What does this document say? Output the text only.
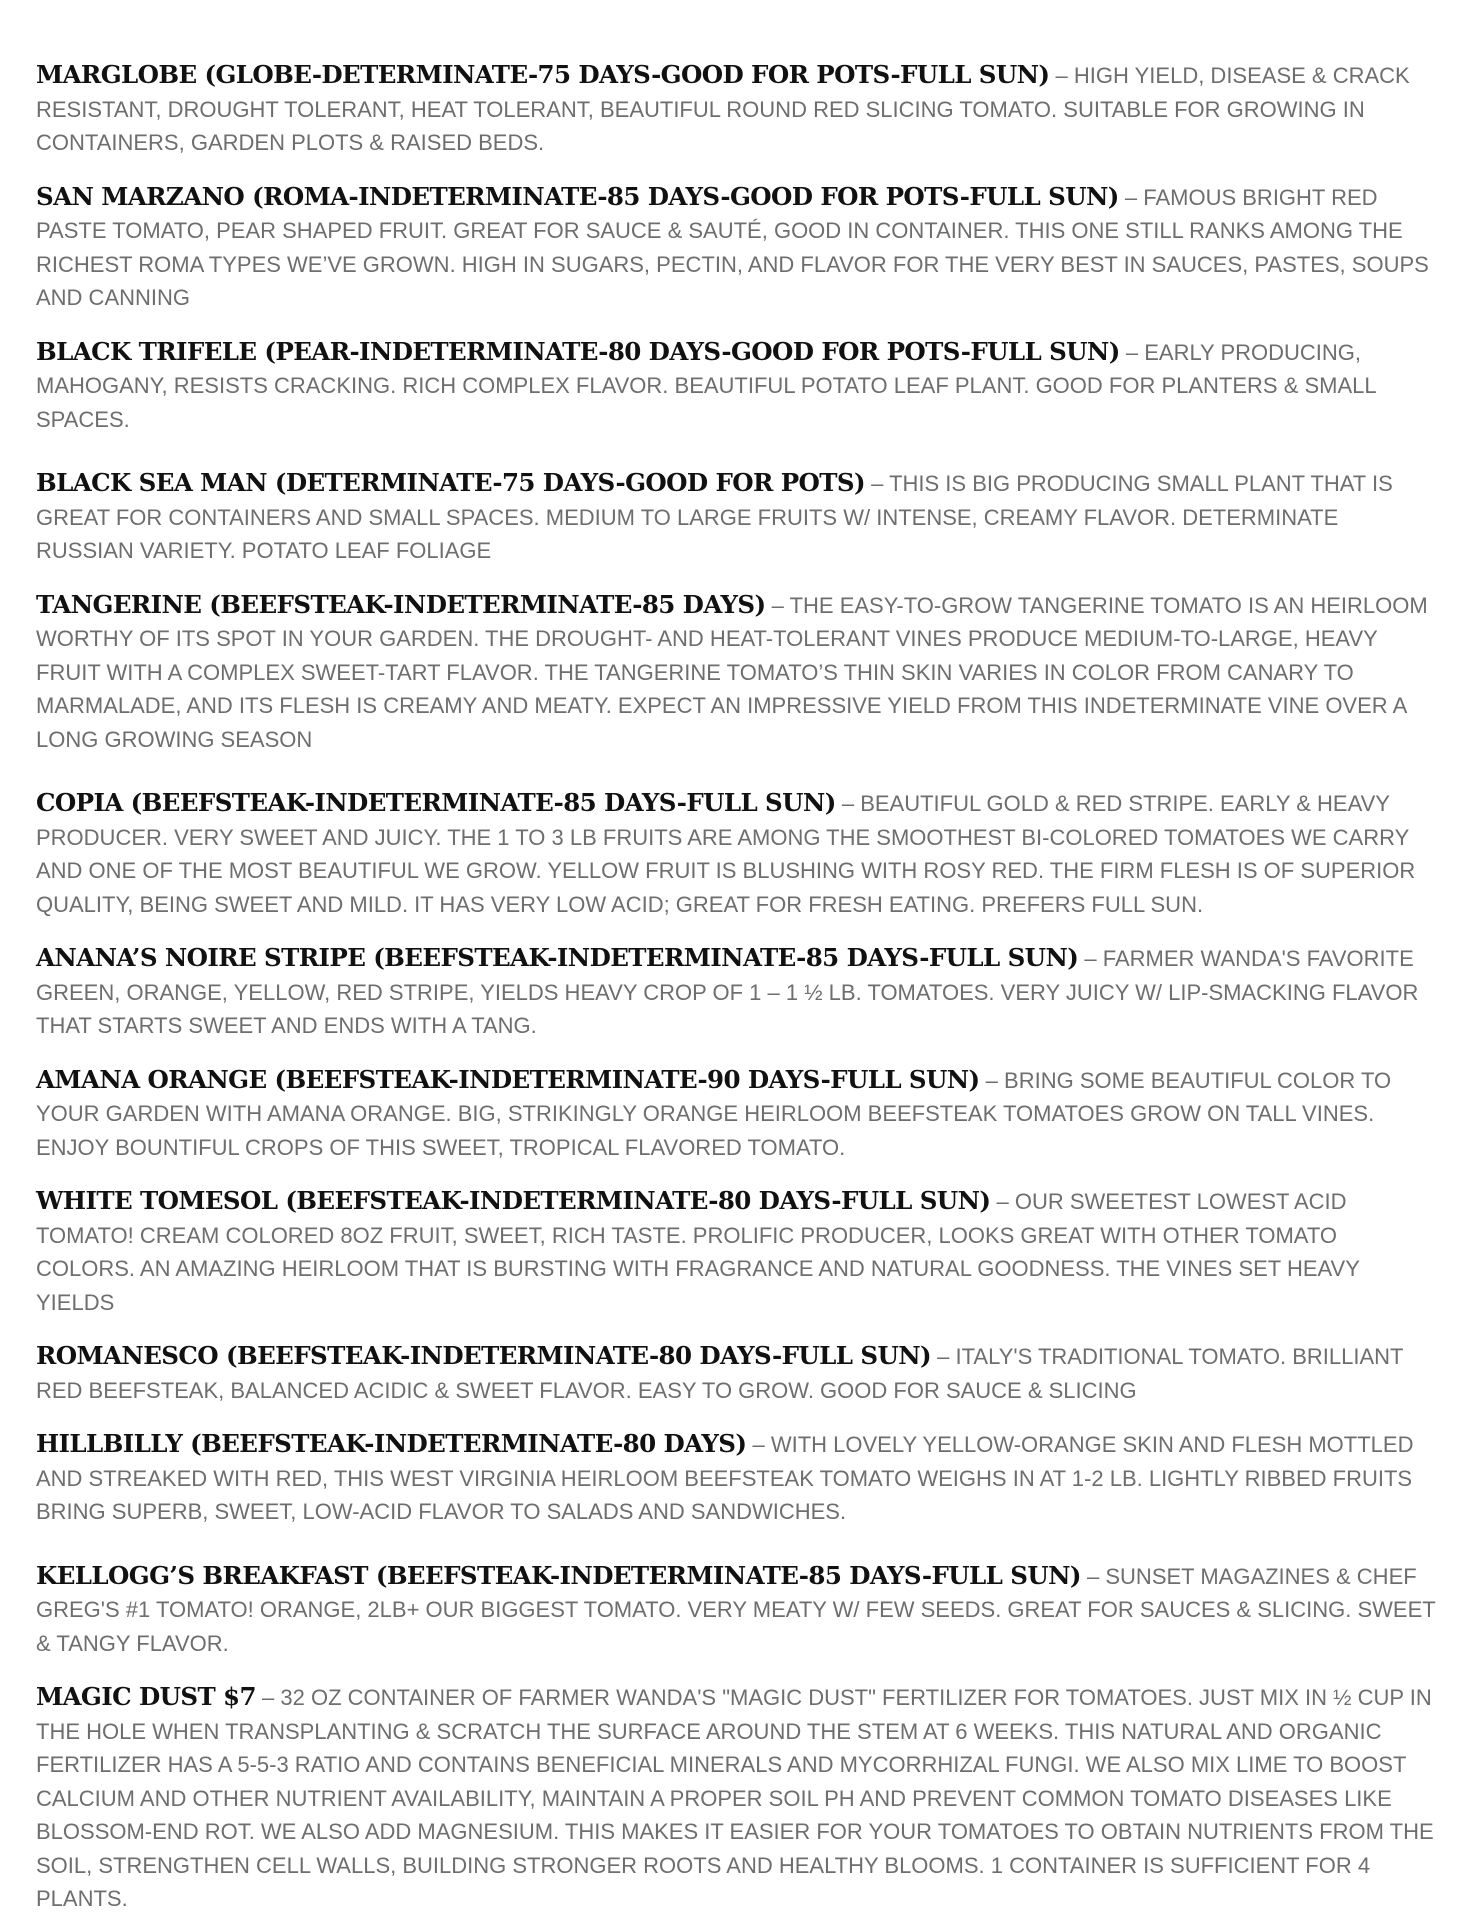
MARGLOBE (GLOBE-DETERMINATE-75 DAYS-GOOD FOR POTS-FULL SUN) – HIGH YIELD, DISEASE & CRACK RESISTANT, DROUGHT TOLERANT, HEAT TOLERANT, BEAUTIFUL ROUND RED SLICING TOMATO. SUITABLE FOR GROWING IN CONTAINERS, GARDEN PLOTS & RAISED BEDS.

SAN MARZANO (ROMA-INDETERMINATE-85 DAYS-GOOD FOR POTS-FULL SUN) – FAMOUS BRIGHT RED PASTE TOMATO, PEAR SHAPED FRUIT. GREAT FOR SAUCE & SAUTÉ, GOOD IN CONTAINER. THIS ONE STILL RANKS AMONG THE RICHEST ROMA TYPES WE’VE GROWN. HIGH IN SUGARS, PECTIN, AND FLAVOR FOR THE VERY BEST IN SAUCES, PASTES, SOUPS AND CANNING

BLACK TRIFELE (PEAR-INDETERMINATE-80 DAYS-GOOD FOR POTS-FULL SUN) – EARLY PRODUCING, MAHOGANY, RESISTS CRACKING. RICH COMPLEX FLAVOR. BEAUTIFUL POTATO LEAF PLANT. GOOD FOR PLANTERS & SMALL SPACES.

BLACK SEA MAN (DETERMINATE-75 DAYS-GOOD FOR POTS) – THIS IS BIG PRODUCING SMALL PLANT THAT IS GREAT FOR CONTAINERS AND SMALL SPACES. MEDIUM TO LARGE FRUITS W/ INTENSE, CREAMY FLAVOR. DETERMINATE RUSSIAN VARIETY. POTATO LEAF FOLIAGE

TANGERINE (BEEFSTEAK-INDETERMINATE-85 DAYS) – THE EASY-TO-GROW TANGERINE TOMATO IS AN HEIRLOOM WORTHY OF ITS SPOT IN YOUR GARDEN. THE DROUGHT- AND HEAT-TOLERANT VINES PRODUCE MEDIUM-TO-LARGE, HEAVY FRUIT WITH A COMPLEX SWEET-TART FLAVOR. THE TANGERINE TOMATO’S THIN SKIN VARIES IN COLOR FROM CANARY TO MARMALADE, AND ITS FLESH IS CREAMY AND MEATY. EXPECT AN IMPRESSIVE YIELD FROM THIS INDETERMINATE VINE OVER A LONG GROWING SEASON

COPIA (BEEFSTEAK-INDETERMINATE-85 DAYS-FULL SUN) – BEAUTIFUL GOLD & RED STRIPE. EARLY & HEAVY PRODUCER. VERY SWEET AND JUICY. THE 1 TO 3 LB FRUITS ARE AMONG THE SMOOTHEST BI-COLORED TOMATOES WE CARRY AND ONE OF THE MOST BEAUTIFUL WE GROW. YELLOW FRUIT IS BLUSHING WITH ROSY RED. THE FIRM FLESH IS OF SUPERIOR QUALITY, BEING SWEET AND MILD. IT HAS VERY LOW ACID; GREAT FOR FRESH EATING. PREFERS FULL SUN.

ANANA’S NOIRE STRIPE (BEEFSTEAK-INDETERMINATE-85 DAYS-FULL SUN) – FARMER WANDA'S FAVORITE GREEN, ORANGE, YELLOW, RED STRIPE, YIELDS HEAVY CROP OF 1 – 1 ½ LB. TOMATOES. VERY JUICY W/ LIP-SMACKING FLAVOR THAT STARTS SWEET AND ENDS WITH A TANG.

AMANA ORANGE (BEEFSTEAK-INDETERMINATE-90 DAYS-FULL SUN) – BRING SOME BEAUTIFUL COLOR TO YOUR GARDEN WITH AMANA ORANGE. BIG, STRIKINGLY ORANGE HEIRLOOM BEEFSTEAK TOMATOES GROW ON TALL VINES. ENJOY BOUNTIFUL CROPS OF THIS SWEET, TROPICAL FLAVORED TOMATO.

WHITE TOMESOL (BEEFSTEAK-INDETERMINATE-80 DAYS-FULL SUN) – OUR SWEETEST LOWEST ACID TOMATO! CREAM COLORED 8OZ FRUIT, SWEET, RICH TASTE. PROLIFIC PRODUCER, LOOKS GREAT WITH OTHER TOMATO COLORS. AN AMAZING HEIRLOOM THAT IS BURSTING WITH FRAGRANCE AND NATURAL GOODNESS. THE VINES SET HEAVY YIELDS

ROMANESCO (BEEFSTEAK-INDETERMINATE-80 DAYS-FULL SUN) – ITALY'S TRADITIONAL TOMATO. BRILLIANT RED BEEFSTEAK, BALANCED ACIDIC & SWEET FLAVOR. EASY TO GROW. GOOD FOR SAUCE & SLICING

HILLBILLY (BEEFSTEAK-INDETERMINATE-80 DAYS) – WITH LOVELY YELLOW-ORANGE SKIN AND FLESH MOTTLED AND STREAKED WITH RED, THIS WEST VIRGINIA HEIRLOOM BEEFSTEAK TOMATO WEIGHS IN AT 1-2 LB. LIGHTLY RIBBED FRUITS BRING SUPERB, SWEET, LOW-ACID FLAVOR TO SALADS AND SANDWICHES.

KELLOGG’S BREAKFAST (BEEFSTEAK-INDETERMINATE-85 DAYS-FULL SUN) – SUNSET MAGAZINES & CHEF GREG'S #1 TOMATO! ORANGE, 2LB+ OUR BIGGEST TOMATO. VERY MEATY W/ FEW SEEDS. GREAT FOR SAUCES & SLICING. SWEET & TANGY FLAVOR.

MAGIC DUST $7 – 32 OZ CONTAINER OF FARMER WANDA'S "MAGIC DUST" FERTILIZER FOR TOMATOES. JUST MIX IN ½ CUP IN THE HOLE WHEN TRANSPLANTING & SCRATCH THE SURFACE AROUND THE STEM AT 6 WEEKS. THIS NATURAL AND ORGANIC FERTILIZER HAS A 5-5-3 RATIO AND CONTAINS BENEFICIAL MINERALS AND MYCORRHIZAL FUNGI. WE ALSO MIX LIME TO BOOST CALCIUM AND OTHER NUTRIENT AVAILABILITY, MAINTAIN A PROPER SOIL PH AND PREVENT COMMON TOMATO DISEASES LIKE BLOSSOM-END ROT. WE ALSO ADD MAGNESIUM. THIS MAKES IT EASIER FOR YOUR TOMATOES TO OBTAIN NUTRIENTS FROM THE SOIL, STRENGTHEN CELL WALLS, BUILDING STRONGER ROOTS AND HEALTHY BLOOMS. 1 CONTAINER IS SUFFICIENT FOR 4 PLANTS.
